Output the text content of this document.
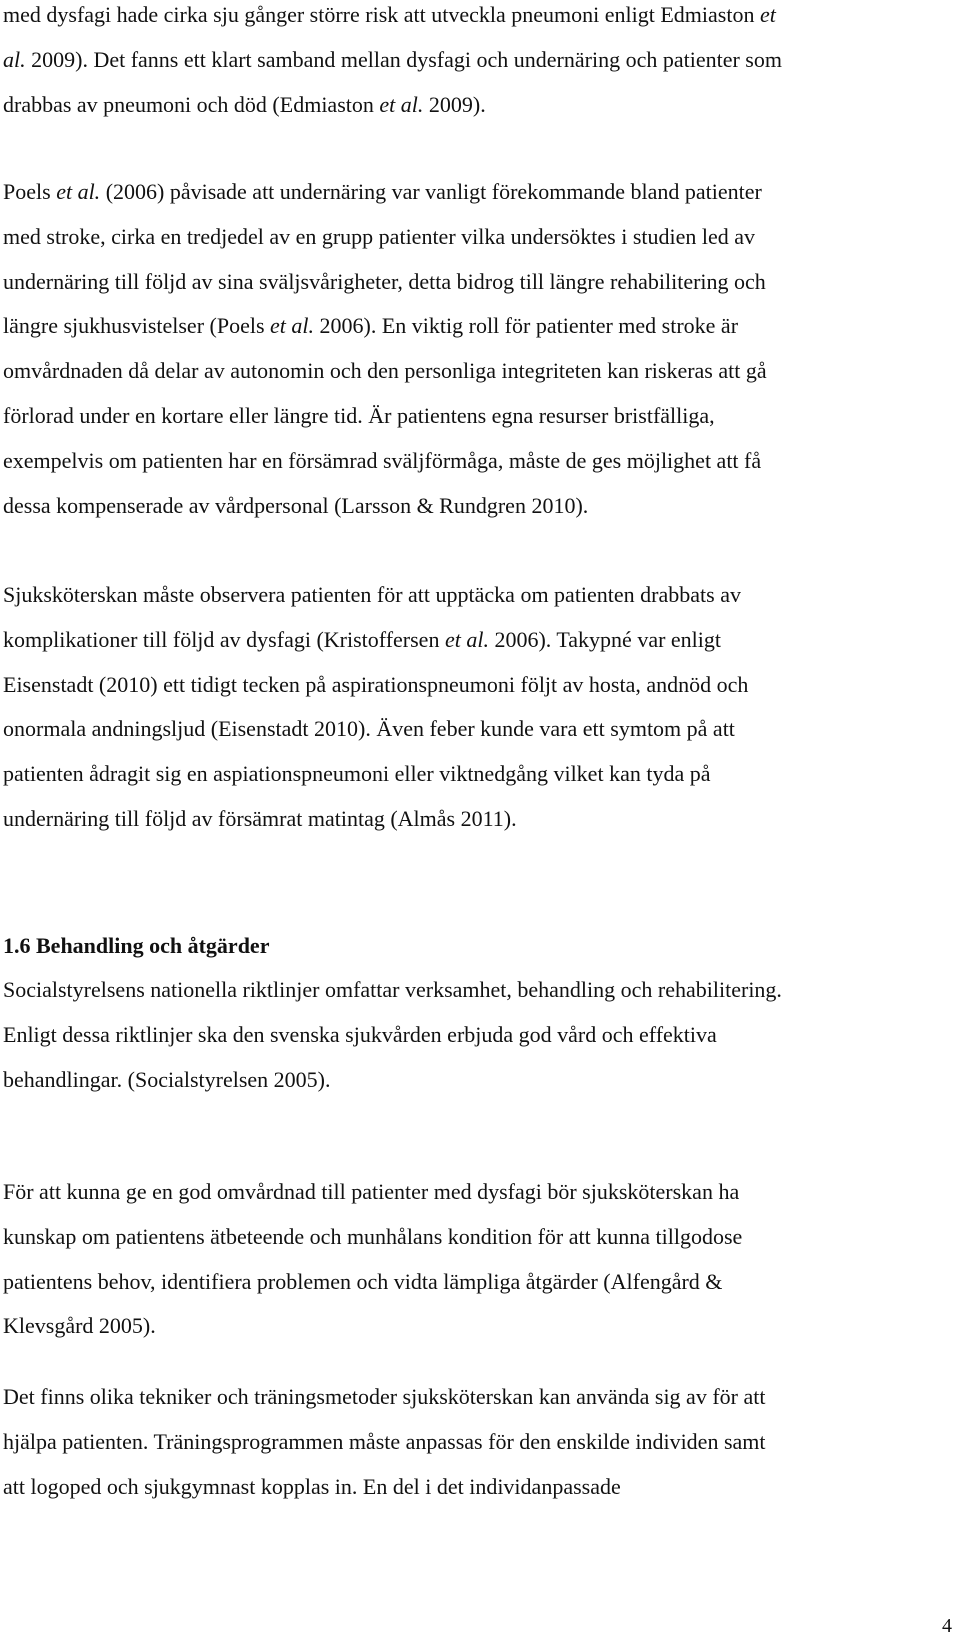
med dysfagi hade cirka sju gånger större risk att utveckla pneumoni enligt Edmiaston et
al. 2009). Det fanns ett klart samband mellan dysfagi och undernäring och patienter som
drabbas av pneumoni och död (Edmiaston et al. 2009).

Poels et al. (2006) påvisade att undernäring var vanligt förekommande bland patienter
med stroke, cirka en tredjedel av en grupp patienter vilka undersöktes i studien led av
undernäring till följd av sina sväljsvårigheter, detta bidrog till längre rehabilitering och
längre sjukhusvistelser (Poels et al. 2006). En viktig roll för patienter med stroke är
omvårdnaden då delar av autonomin och den personliga integriteten kan riskeras att gå
förlorad under en kortare eller längre tid. Är patientens egna resurser bristfälliga,
exempelvis om patienten har en försämrad sväljförmåga, måste de ges möjlighet att få
dessa kompenserade av vårdpersonal (Larsson & Rundgren 2010).

Sjuksköterskan måste observera patienten för att upptäcka om patienten drabbats av
komplikationer till följd av dysfagi (Kristoffersen et al. 2006). Takypné var enligt
Eisenstadt (2010) ett tidigt tecken på aspirationspneumoni följt av hosta, andnöd och
onormala andningsljud (Eisenstadt 2010). Även feber kunde vara ett symtom på att
patienten ådragit sig en aspiationspneumoni eller viktnedgång vilket kan tyda på
undernäring till följd av försämrat matintag (Almås 2011).

1.6 Behandling och åtgärder

Socialstyrelsens nationella riktlinjer omfattar verksamhet, behandling och rehabilitering.
Enligt dessa riktlinjer ska den svenska sjukvården erbjuda god vård och effektiva
behandlingar. (Socialstyrelsen 2005).

För att kunna ge en god omvårdnad till patienter med dysfagi bör sjuksköterskan ha
kunskap om patientens ätbeteende och munhålans kondition för att kunna tillgodose
patientens behov, identifiera problemen och vidta lämpliga åtgärder (Alfengård &
Klevsgård 2005).

Det finns olika tekniker och träningsmetoder sjuksköterskan kan använda sig av för att
hjälpa patienten. Träningsprogrammen måste anpassas för den enskilde individen samt
att logoped och sjukgymnast kopplas in. En del i det individanpassade

4
